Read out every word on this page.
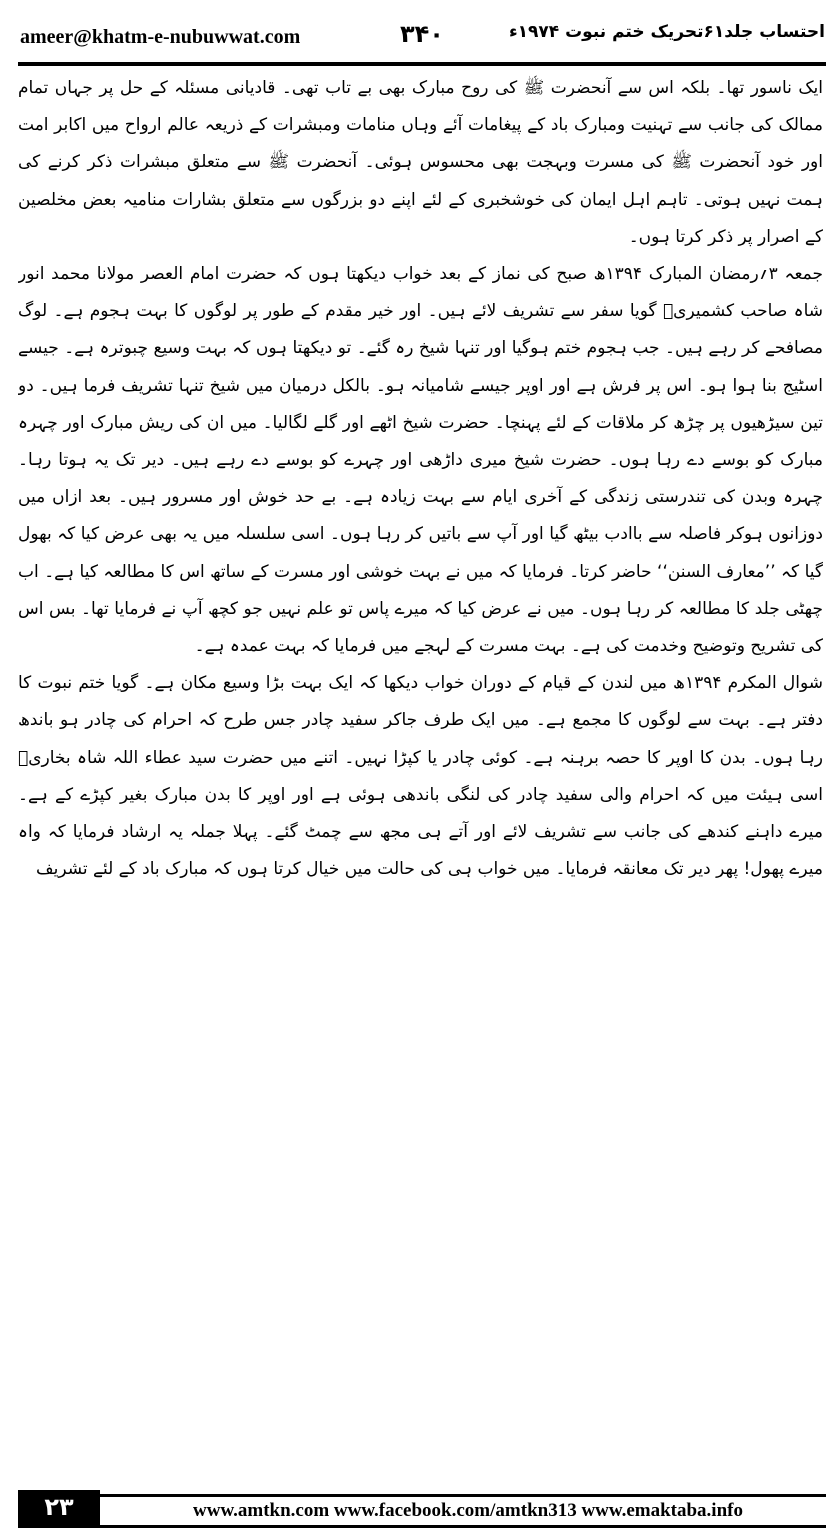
ameer@khatm-e-nubuwwat.com	۳۴۰	احتساب جلد۶۱تحریک ختم نبوت ۱۹۷۴ء

ایک ناسور تھا۔ بلکہ اس سے آنحضرت ﷺ کی روح مبارک بھی بے تاب تھی۔ قادیانی مسئلہ کے حل پر جہاں تمام ممالک کی جانب سے تہنیت ومبارک باد کے پیغامات آئے وہاں منامات ومبشرات کے ذریعہ عالم ارواح میں اکابر امت اور خود آنحضرت ﷺ کی مسرت وبہجت بھی محسوس ہوئی۔ آنحضرت ﷺ سے متعلق مبشرات ذکر کرنے کی ہمت نہیں ہوتی۔ تاہم اہل ایمان کی خوشخبری کے لئے اپنے دو بزرگوں سے متعلق بشارات منامیہ بعض مخلصین کے اصرار پر ذکر کرتا ہوں۔

جمعہ ۳؍رمضان المبارک ۱۳۹۴ھ صبح کی نماز کے بعد خواب دیکھتا ہوں کہ حضرت امام العصر مولانا محمد انور شاہ صاحب کشمیریؒ گویا سفر سے تشریف لائے ہیں۔ اور خیر مقدم کے طور پر لوگوں کا بہت ہجوم ہے۔ لوگ مصافحے کر رہے ہیں۔ جب ہجوم ختم ہوگیا اور تنہا شیخ رہ گئے۔ تو دیکھتا ہوں کہ بہت وسیع چبوترہ ہے۔ جیسے اسٹیج بنا ہوا ہو۔ اس پر فرش ہے اور اوپر جیسے شامیانہ ہو۔ بالکل درمیان میں شیخ تنہا تشریف فرما ہیں۔ دو تین سیڑھیوں پر چڑھ کر ملاقات کے لئے پہنچا۔ حضرت شیخ اٹھے اور گلے لگالیا۔ میں ان کی ریش مبارک اور چہرہ مبارک کو بوسے دے رہا ہوں۔ حضرت شیخ میری داڑھی اور چہرے کو بوسے دے رہے ہیں۔ دیر تک یہ ہوتا رہا۔ چہرہ وبدن کی تندرستی زندگی کے آخری ایام سے بہت زیادہ ہے۔ بے حد خوش اور مسرور ہیں۔ بعد ازاں میں دوزانوں ہوکر فاصلہ سے باادب بیٹھ گیا اور آپ سے باتیں کر رہا ہوں۔ اسی سلسلہ میں یہ بھی عرض کیا کہ بھول گیا کہ ’’معارف السنن‘‘ حاضر کرتا۔ فرمایا کہ میں نے بہت خوشی اور مسرت کے ساتھ اس کا مطالعہ کیا ہے۔ اب چھٹی جلد کا مطالعہ کر رہا ہوں۔ میں نے عرض کیا کہ میرے پاس تو علم نہیں جو کچھ آپ نے فرمایا تھا۔ بس اس کی تشریح وتوضیح وخدمت کی ہے۔ بہت مسرت کے لہجے میں فرمایا کہ بہت عمدہ ہے۔

شوال المکرم ۱۳۹۴ھ میں لندن کے قیام کے دوران خواب دیکھا کہ ایک بہت بڑا وسیع مکان ہے۔ گویا ختم نبوت کا دفتر ہے۔ بہت سے لوگوں کا مجمع ہے۔ میں ایک طرف جاکر سفید چادر جس طرح کہ احرام کی چادر ہو باندھ رہا ہوں۔ بدن کا اوپر کا حصہ برہنہ ہے۔ کوئی چادر یا کپڑا نہیں۔ اتنے میں حضرت سید عطاء اللہ شاہ بخاریؒ اسی ہیئت میں کہ احرام والی سفید چادر کی لنگی باندھی ہوئی ہے اور اوپر کا بدن مبارک بغیر کپڑے کے ہے۔ میرے داہنے کندھے کی جانب سے تشریف لائے اور آتے ہی مجھ سے چمٹ گئے۔ پہلا جملہ یہ ارشاد فرمایا کہ واہ میرے پھول! پھر دیر تک معانقہ فرمایا۔ میں خواب ہی کی حالت میں خیال کرتا ہوں کہ مبارک باد کے لئے تشریف

۲۳	www.amtkn.com www.facebook.com/amtkn313 www.emaktaba.info
